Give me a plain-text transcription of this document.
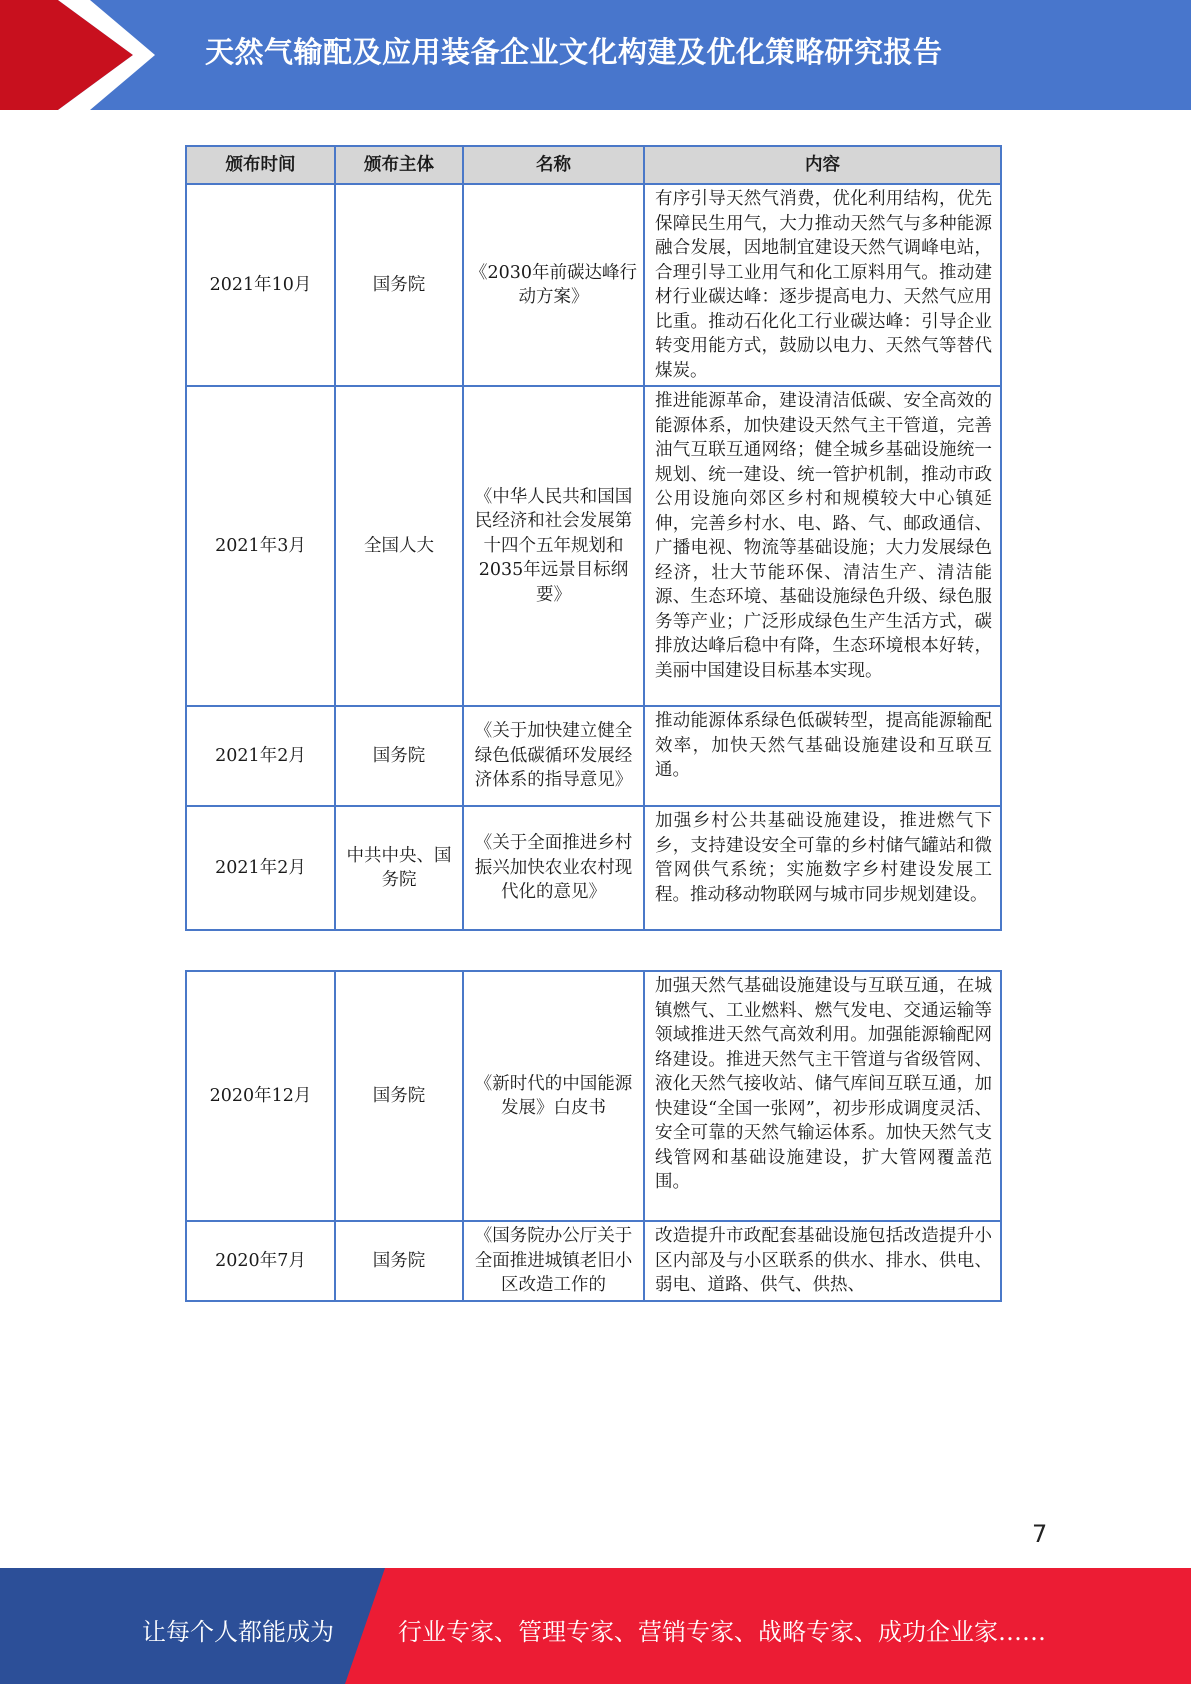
天然气输配及应用装备企业文化构建及优化策略研究报告
颁布时间	颁布主体	名称	内容
2021年10月	国务院	《2030年前碳达峰行动方案》	有序引导天然气消费，优化利用结构，优先保障民生用气，大力推动天然气与多种能源融合发展，因地制宜建设天然气调峰电站，合理引导工业用气和化工原料用气。推动建材行业碳达峰：逐步提高电力、天然气应用比重。推动石化化工行业碳达峰：引导企业转变用能方式，鼓励以电力、天然气等替代煤炭。
2021年3月	全国人大	《中华人民共和国国民经济和社会发展第十四个五年规划和2035年远景目标纲要》	推进能源革命，建设清洁低碳、安全高效的能源体系，加快建设天然气主干管道，完善油气互联互通网络；健全城乡基础设施统一规划、统一建设、统一管护机制，推动市政公用设施向郊区乡村和规模较大中心镇延伸，完善乡村水、电、路、气、邮政通信、广播电视、物流等基础设施；大力发展绿色经济，壮大节能环保、清洁生产、清洁能源、生态环境、基础设施绿色升级、绿色服务等产业；广泛形成绿色生产生活方式，碳排放达峰后稳中有降，生态环境根本好转，美丽中国建设目标基本实现。
2021年2月	国务院	《关于加快建立健全绿色低碳循环发展经济体系的指导意见》	推动能源体系绿色低碳转型，提高能源输配效率，加快天然气基础设施建设和互联互通。
2021年2月	中共中央、国务院	《关于全面推进乡村振兴加快农业农村现代化的意见》	加强乡村公共基础设施建设，推进燃气下乡，支持建设安全可靠的乡村储气罐站和微管网供气系统；实施数字乡村建设发展工程。推动移动物联网与城市同步规划建设。
2020年12月	国务院	《新时代的中国能源发展》白皮书	加强天然气基础设施建设与互联互通，在城镇燃气、工业燃料、燃气发电、交通运输等领域推进天然气高效利用。加强能源输配网络建设。推进天然气主干管道与省级管网、液化天然气接收站、储气库间互联互通，加快建设“全国一张网”，初步形成调度灵活、安全可靠的天然气输运体系。加快天然气支线管网和基础设施建设，扩大管网覆盖范围。
2020年7月	国务院	《国务院办公厅关于全面推进城镇老旧小区改造工作的	改造提升市政配套基础设施包括改造提升小区内部及与小区联系的供水、排水、供电、弱电、道路、供气、供热、
7
让每个人都能成为	行业专家、管理专家、营销专家、战略专家、成功企业家……
